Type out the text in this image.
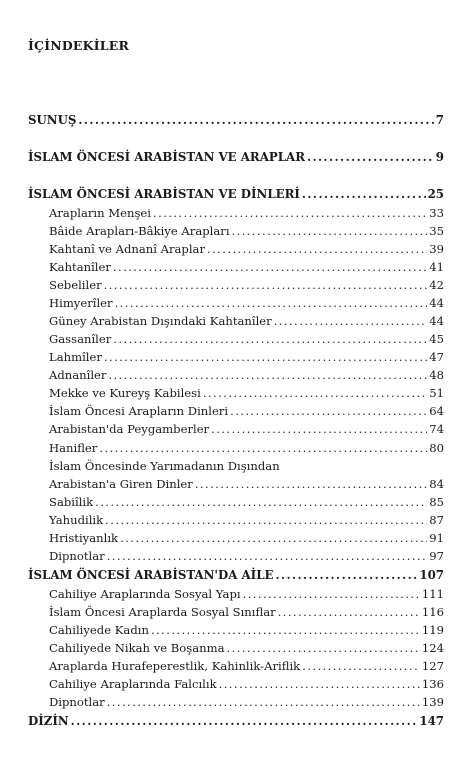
İÇİNDEKİLER
SUNUŞ .....	7
İSLAM ÖNCESİ ARABİSTAN VE ARAPLAR .....	9
İSLAM ÖNCESİ ARABİSTAN VE DİNLERİ .....	25
Arapların Menşei .....	33
Bâide Arapları-Bâkiye Arapları .....	35
Kahtanî ve Adnanî Araplar .....	39
Kahtanîler .....	41
Sebeliler .....	42
Himyerîler .....	44
Güney Arabistan Dışındaki Kahtanîler .....	44
Gassanîler .....	45
Lahmîler .....	47
Adnanîler .....	48
Mekke ve Kureyş Kabilesi .....	51
İslam Öncesi Arapların Dinleri .....	64
Arabistan'da Peygamberler .....	74
Hanifler .....	80
İslam Öncesinde Yarımadanın Dışından
Arabistan'a Giren Dinler .....	84
Sabiîlik .....	85
Yahudilik .....	87
Hristiyanlık .....	91
Dipnotlar .....	97
İSLAM ÖNCESİ ARABİSTAN'DA AİLE .....	107
Cahiliye Araplarında Sosyal Yapı .....	111
İslam Öncesi Araplarda Sosyal Sınıflar .....	116
Cahiliyede Kadın .....	119
Cahiliyede Nikah ve Boşanma .....	124
Araplarda Hurafeperestlik, Kahinlik-Ariflik .....	127
Cahiliye Araplarında Falcılık .....	136
Dipnotlar .....	139
DİZİN .....	147
